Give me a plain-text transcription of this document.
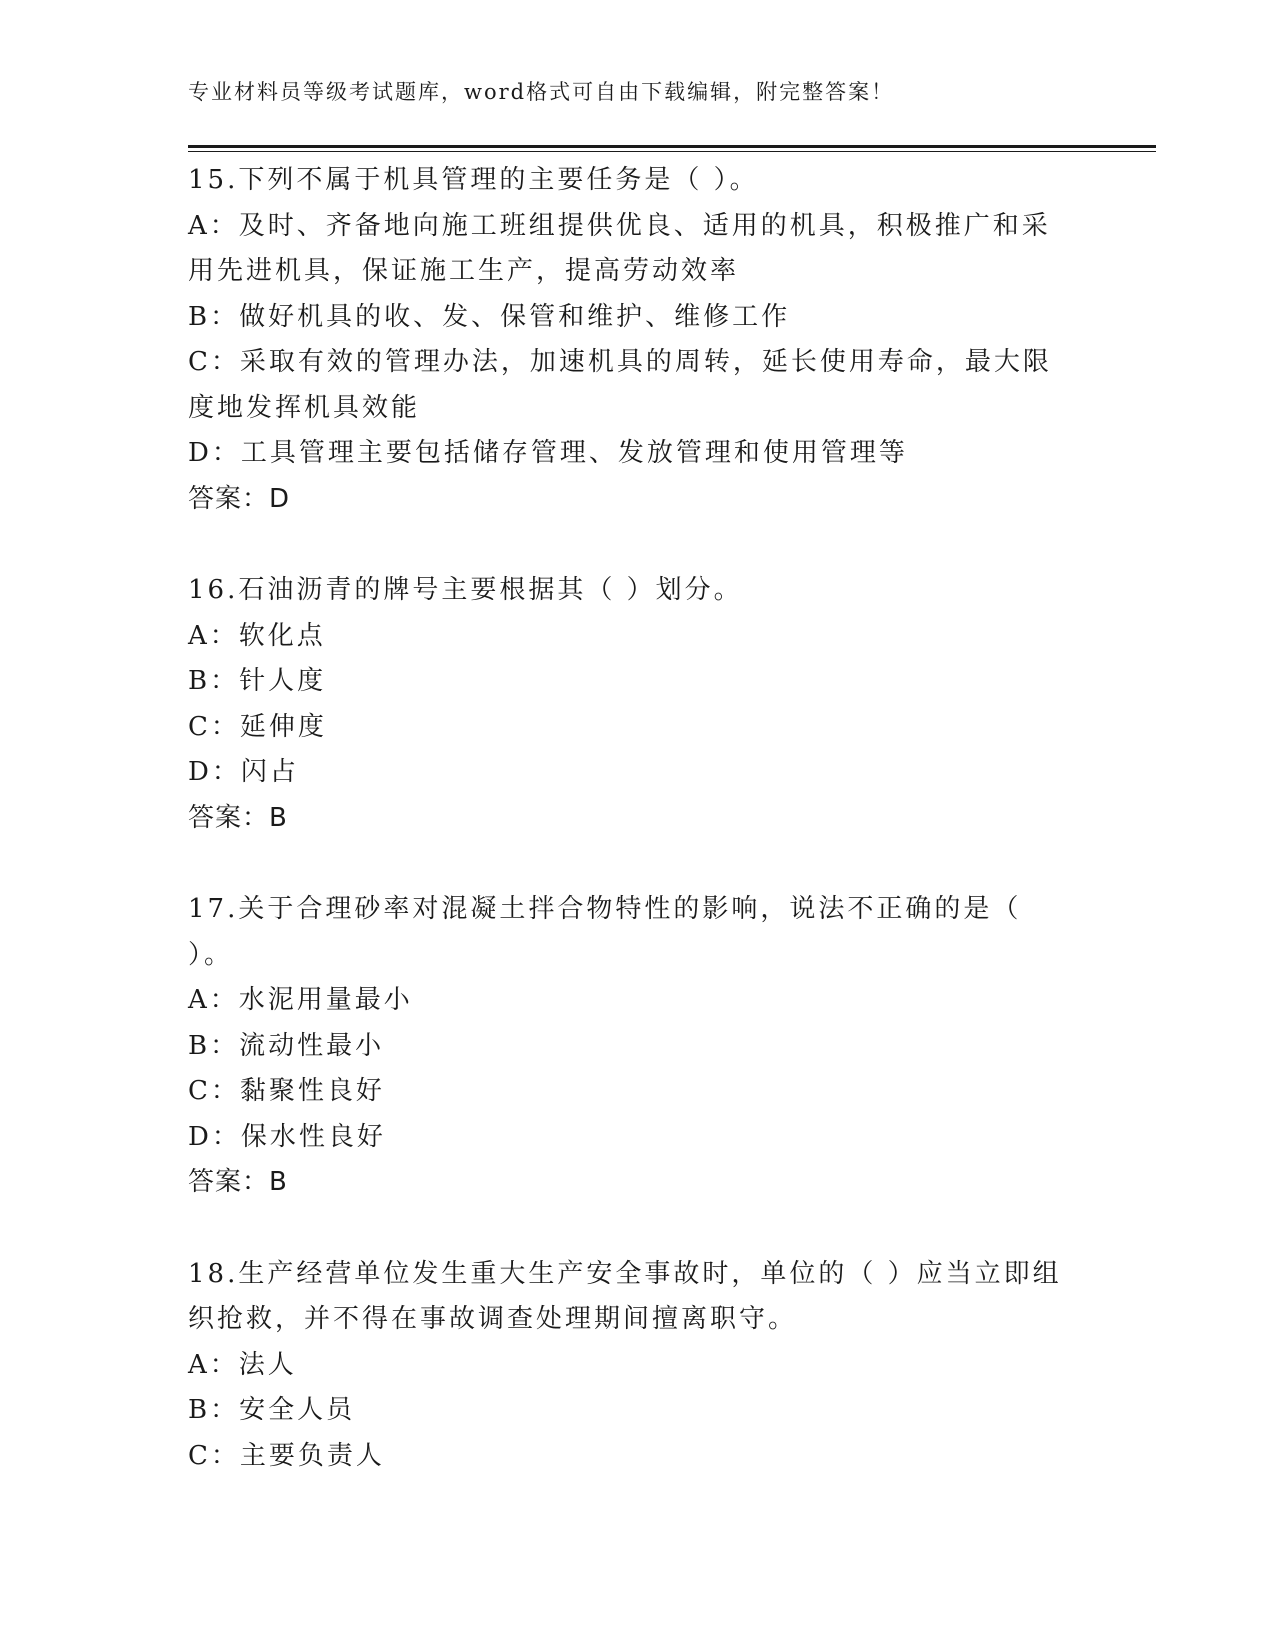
专业材料员等级考试题库，word格式可自由下载编辑，附完整答案！

15.下列不属于机具管理的主要任务是（ ）。

A：及时、齐备地向施工班组提供优良、适用的机具，积极推广和采用先进机具，保证施工生产，提高劳动效率

B：做好机具的收、发、保管和维护、维修工作

C：采取有效的管理办法，加速机具的周转，延长使用寿命，最大限度地发挥机具效能

D：工具管理主要包括储存管理、发放管理和使用管理等

答案：D

16.石油沥青的牌号主要根据其（ ）划分。

A：软化点

B：针人度

C：延伸度

D：闪占

答案：B

17.关于合理砂率对混凝土拌合物特性的影响，说法不正确的是（ ）。

A：水泥用量最小

B：流动性最小

C：黏聚性良好

D：保水性良好

答案：B

18.生产经营单位发生重大生产安全事故时，单位的（ ）应当立即组织抢救，并不得在事故调查处理期间擅离职守。

A：法人

B：安全人员

C：主要负责人
